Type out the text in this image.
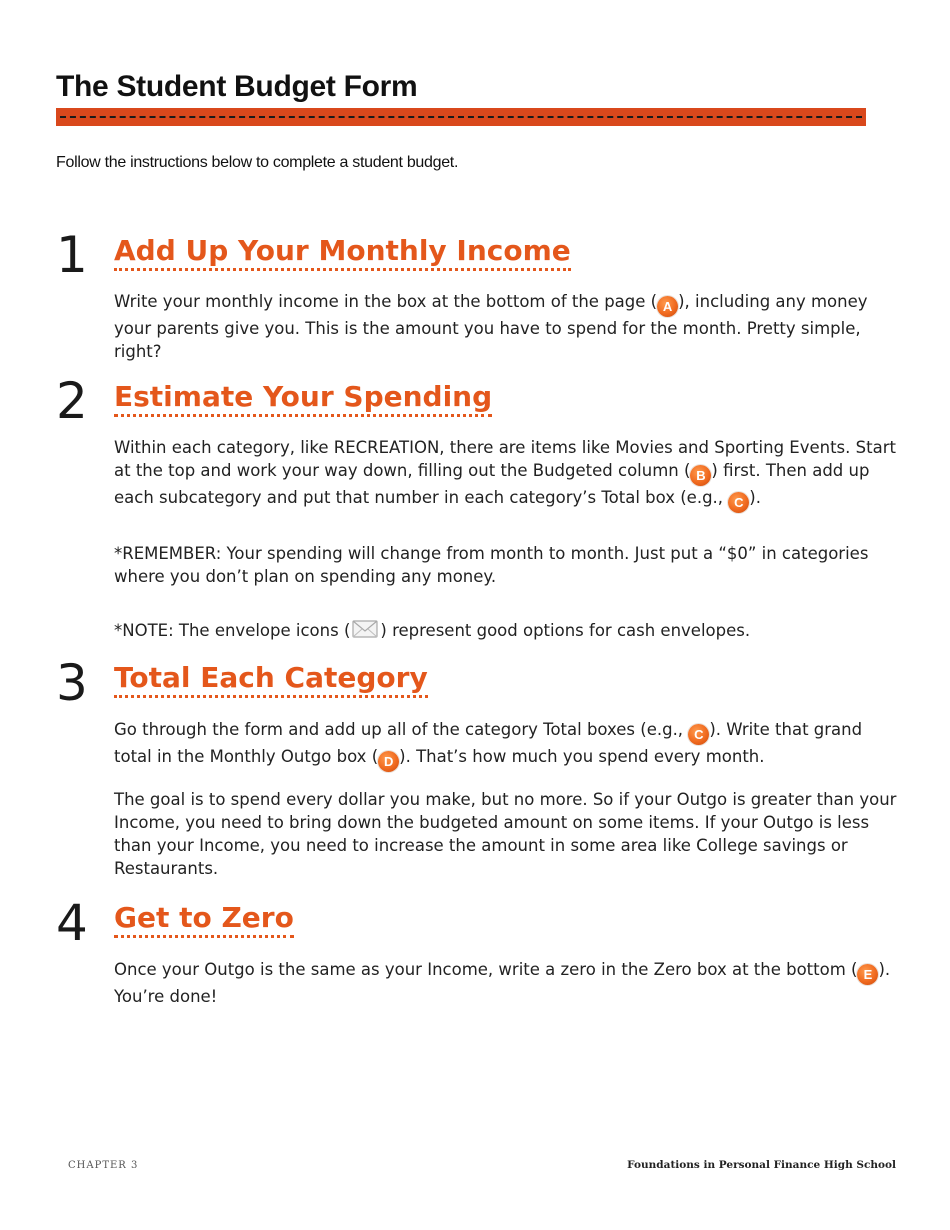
The Student Budget Form

Follow the instructions below to complete a student budget.

1 Add Up Your Monthly Income

Write your monthly income in the box at the bottom of the page ( A ), including any money your parents give you. This is the amount you have to spend for the month. Pretty simple, right?

2 Estimate Your Spending

Within each category, like RECREATION, there are items like Movies and Sporting Events. Start at the top and work your way down, filling out the Budgeted column ( B ) first. Then add up each subcategory and put that number in each category’s Total box (e.g., C ).

*REMEMBER: Your spending will change from month to month. Just put a “$0” in categories where you don’t plan on spending any money.

*NOTE: The envelope icons ( ) represent good options for cash envelopes.

3 Total Each Category

Go through the form and add up all of the category Total boxes (e.g., C ). Write that grand total in the Monthly Outgo box ( D ). That’s how much you spend every month.

The goal is to spend every dollar you make, but no more. So if your Outgo is greater than your Income, you need to bring down the budgeted amount on some items. If your Outgo is less than your Income, you need to increase the amount in some area like College savings or Restaurants.

4 Get to Zero

Once your Outgo is the same as your Income, write a zero in the Zero box at the bottom ( E ). You’re done!

CHAPTER 3	Foundations in Personal Finance High School
